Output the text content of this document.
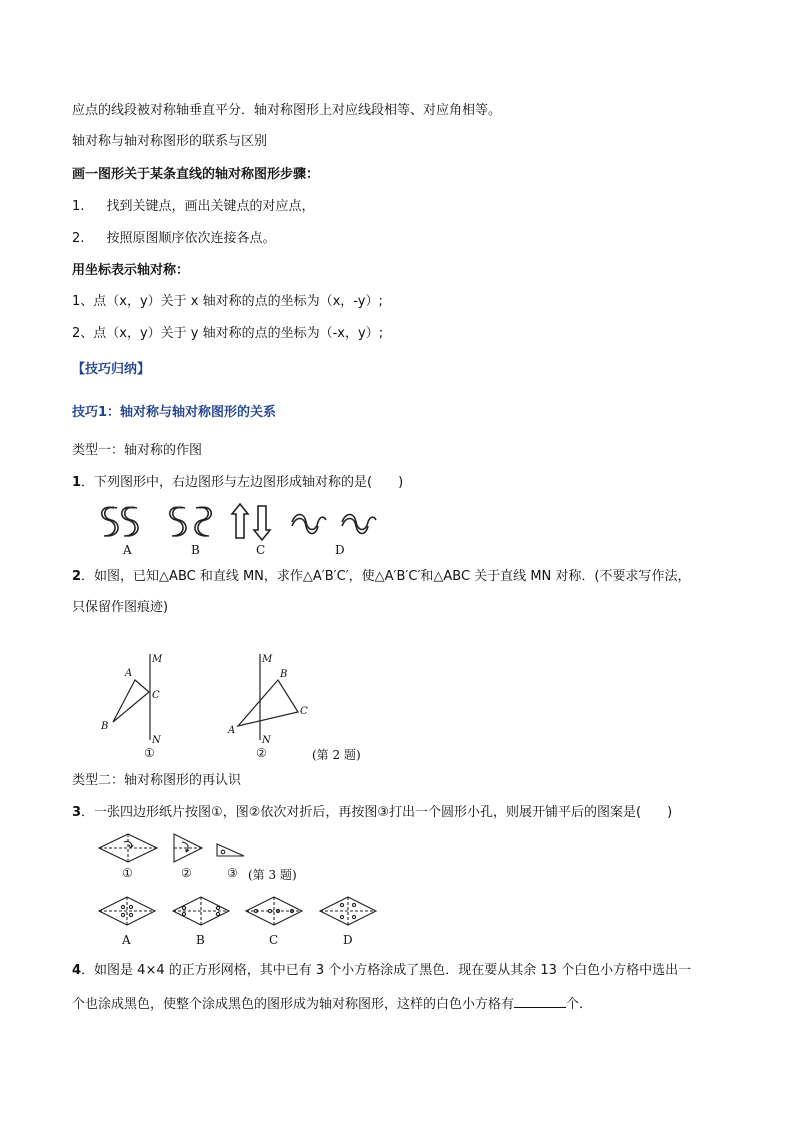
应点的线段被对称轴垂直平分．轴对称图形上对应线段相等、对应角相等。
轴对称与轴对称图形的联系与区别
画一图形关于某条直线的轴对称图形步骤：
1. 找到关键点，画出关键点的对应点，
2. 按照原图顺序依次连接各点。
用坐标表示轴对称：
1、点（x，y）关于 x 轴对称的点的坐标为（x，-y）;
2、点（x，y）关于 y 轴对称的点的坐标为（-x，y）;
【技巧归纳】
技巧1：轴对称与轴对称图形的关系
类型一：轴对称的作图
1．下列图形中，右边图形与左边图形成轴对称的是(　　)
A	B	C	D
2．如图，已知△ABC 和直线 MN，求作△A′B′C′，使△A′B′C′和△ABC 关于直线 MN 对称．(不要求写作法，
只保留作图痕迹)
M
N
A
B
C
①
M
N
A
B
C
②	(第 2 题)
类型二：轴对称图形的再认识
3．一张四边形纸片按图①，图②依次对折后，再按图③打出一个圆形小孔，则展开铺平后的图案是(　　)
①	②	③ (第 3 题)
A	B	C	D
4．如图是 4×4 的正方形网格，其中已有 3 个小方格涂成了黑色．现在要从其余 13 个白色小方格中选出一
个也涂成黑色，使整个涂成黑色的图形成为轴对称图形，这样的白色小方格有	个．
